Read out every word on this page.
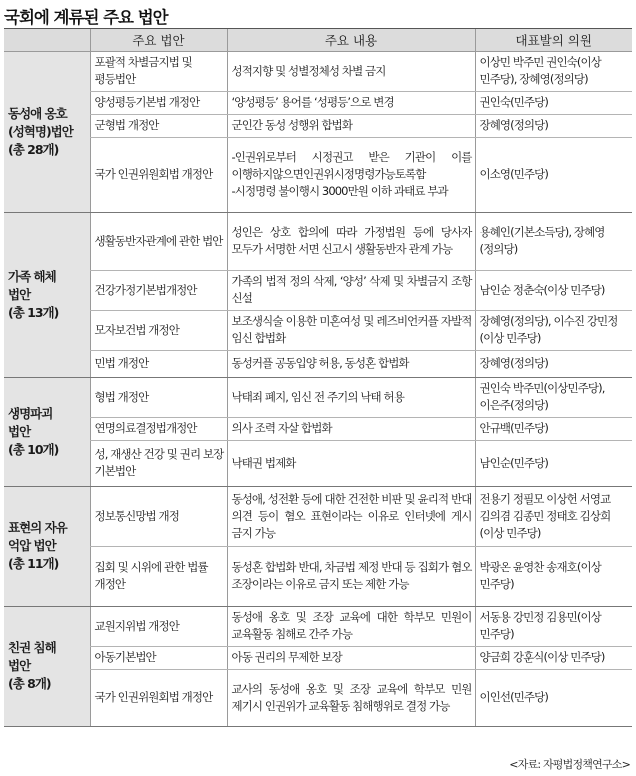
국회에 계류된 주요 법안
	주요 법안	주요 내용	대표발의 의원
동성애 옹호
(성혁명)법안
(총 28개)	포괄적 차별금지법 및 평등법안	성적지향 및 성별정체성 차별 금지	이상민 박주민 권인숙(이상 민주당), 장혜영(정의당)
	양성평등기본법 개정안	‘양성평등’ 용어를 ‘성평등’으로 변경	권인숙(민주당)
	군형법 개정안	군인간 동성 성행위 합법화	장혜영(정의당)
	국가 인권위원회법 개정안	-인권위로부터 시정권고 받은 기관이 이를 이행하지않으면인권위시정명령가능토록함
-시정명령 불이행시 3000만원 이하 과태료 부과	이소영(민주당)
가족 해체
법안
(총 13개)	생활동반자관계에 관한 법안	성인은 상호 합의에 따라 가정법원 등에 당사자 모두가 서명한 서면 신고시 생활동반자 관계 가능	용혜인(기본소득당), 장혜영(정의당)
	건강가정기본법개정안	가족의 법적 정의 삭제, ‘양성’ 삭제 및 차별금지 조항 신설	남인순 정춘숙(이상 민주당)
	모자보건법 개정안	보조생식술 이용한 미혼여성 및 레즈비언커플 자발적 임신 합법화	장혜영(정의당), 이수진 강민정(이상 민주당)
	민법 개정안	동성커플 공동입양 허용, 동성혼 합법화	장혜영(정의당)
생명파괴
법안
(총 10개)	형법 개정안	낙태죄 폐지, 임신 전 주기의 낙태 허용	권인숙 박주민(이상민주당), 이은주(정의당)
	연명의료결정법개정안	의사 조력 자살 합법화	안규백(민주당)
	성, 재생산 건강 및 권리 보장 기본법안	낙태권 법제화	남인순(민주당)
표현의 자유
억압 법안
(총 11개)	정보통신망법 개정	동성애, 성전환 등에 대한 건전한 비판 및 윤리적 반대 의견 등이 혐오 표현이라는 이유로 인터넷에 게시 금지 가능	전용기 정필모 이상헌 서영교 김의겸 김종민 정태호 김상희(이상 민주당)
	집회 및 시위에 관한 법률 개정안	동성혼 합법화 반대, 차금법 제정 반대 등 집회가 혐오 조장이라는 이유로 금지 또는 제한 가능	박광온 윤영찬 송재호(이상 민주당)
친권 침해
법안
(총 8개)	교원지위법 개정안	동성애 옹호 및 조장 교육에 대한 학부모 민원이 교육활동 침해로 간주 가능	서동용 강민정 김용민(이상 민주당)
	아동기본법안	아동 권리의 무제한 보장	양금희 강훈식(이상 민주당)
	국가 인권위원회법 개정안	교사의 동성애 옹호 및 조장 교육에 학부모 민원 제기시 인권위가 교육활동 침해행위로 결정 가능	이인선(민주당)
<자료: 자평법정책연구소>
